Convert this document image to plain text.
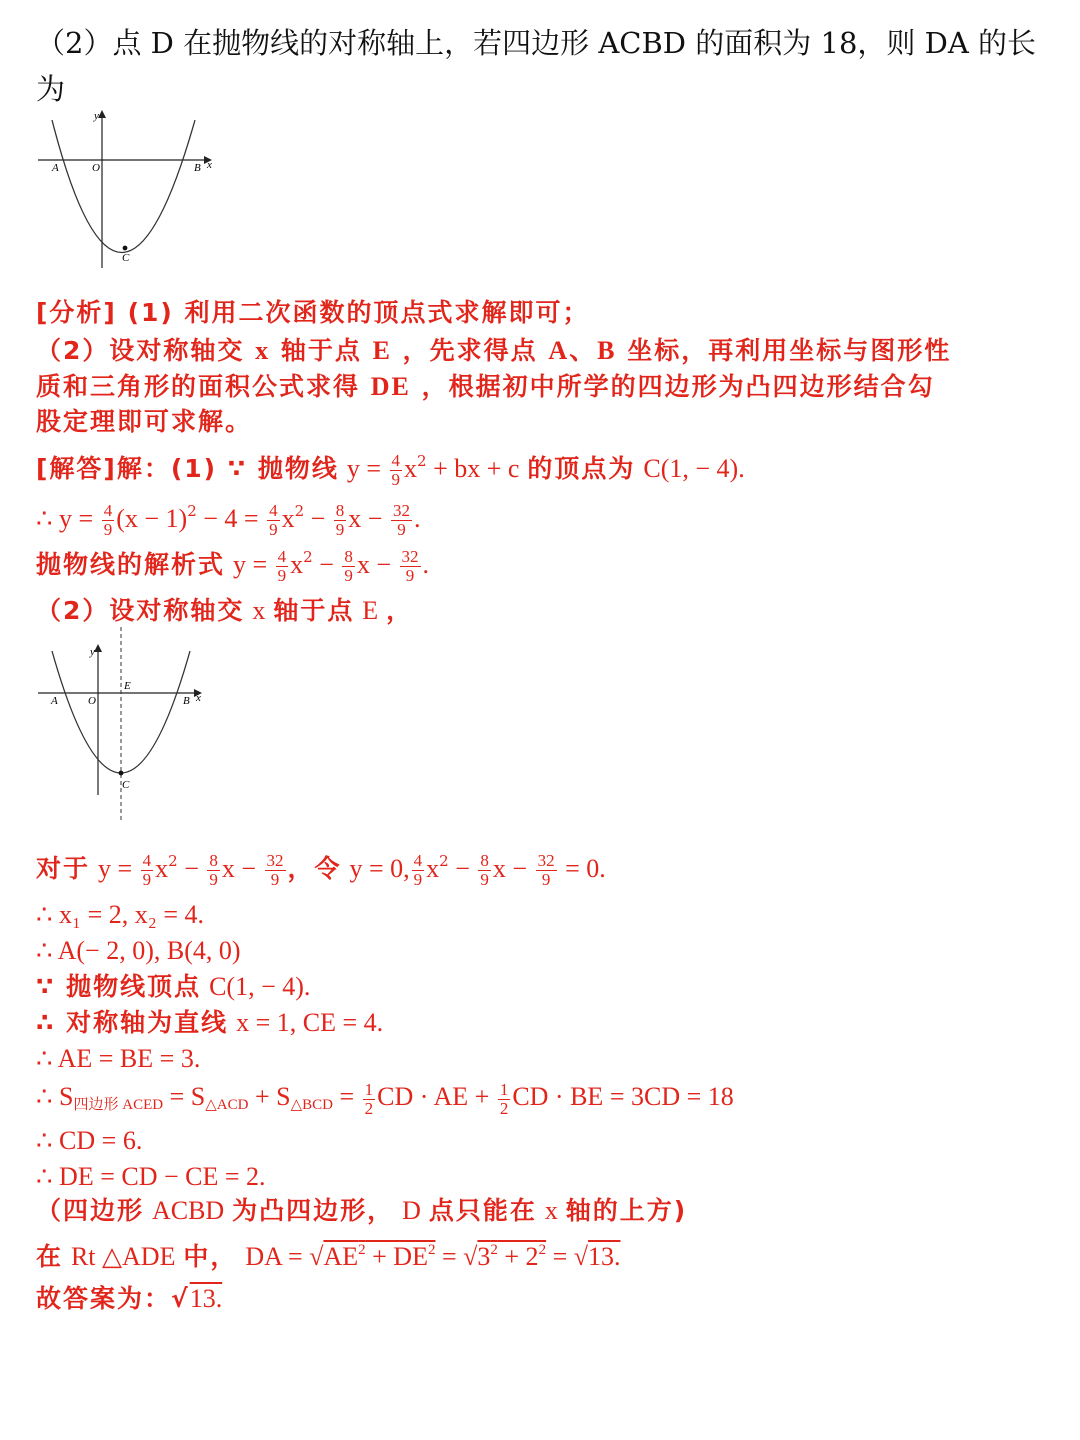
（2）点 D 在抛物线的对称轴上，若四边形 ACBD 的面积为 18，则 DA 的长为
y
x
O
A	B
C
[分析] (1) 利用二次函数的顶点式求解即可；
（2）设对称轴交 x 轴于点 E ，先求得点 A、B 坐标，再利用坐标与图形性
质和三角形的面积公式求得 DE ，根据初中所学的四边形为凸四边形结合勾
股定理即可求解。
[解答]解：(1) ∵ 抛物线 $y = \frac{4}{9} x^2$ + bx + c 的顶点为 C(1, − 4).
∴ $y = \frac{4}{9} (x - 1)^2 - 4 = \frac{4}{9} x^2 - \frac{8}{9}$ $x - \frac{32}{9}$ .
抛物线的解析式 $y = \frac{4}{9} x^2 - \frac{8}{9}$ $x - \frac{32}{9}$ .
（2）设对称轴交 x 轴于点 E ，
y
x
O
A	B
E
C
对于 $y = \frac{4}{9} x^2 - \frac{8}{9}$ $x - \frac{32}{9}$ ，令 y = 0, $\frac{4}{9} x^2 - \frac{8}{9}$ $x - \frac{32}{9} = 0$.
∴ x₁ = 2, x₂ = 4.
∴ A(− 2, 0), B(4, 0)
∵ 抛物线顶点 C(1, − 4).
∴ 对称轴为直线 x = 1, CE = 4.
∴ AE = BE = 3.
∴ $S_{四边形 ACED} = S_{\triangle ACD} + S_{\triangle BCD} = \frac{1}{2}$ CD · AE + $\frac{1}{2}$ CD · BE = 3CD = 18
∴ CD = 6.
∴ DE = CD − CE = 2.
（四边形 ACBD 为凸四边形， D 点只能在 x 轴的上方)
在 Rt △ADE 中， DA = $√AE^2 + DE^2 = √3^2 + 2^2 = √13$.
故答案为：√13.
